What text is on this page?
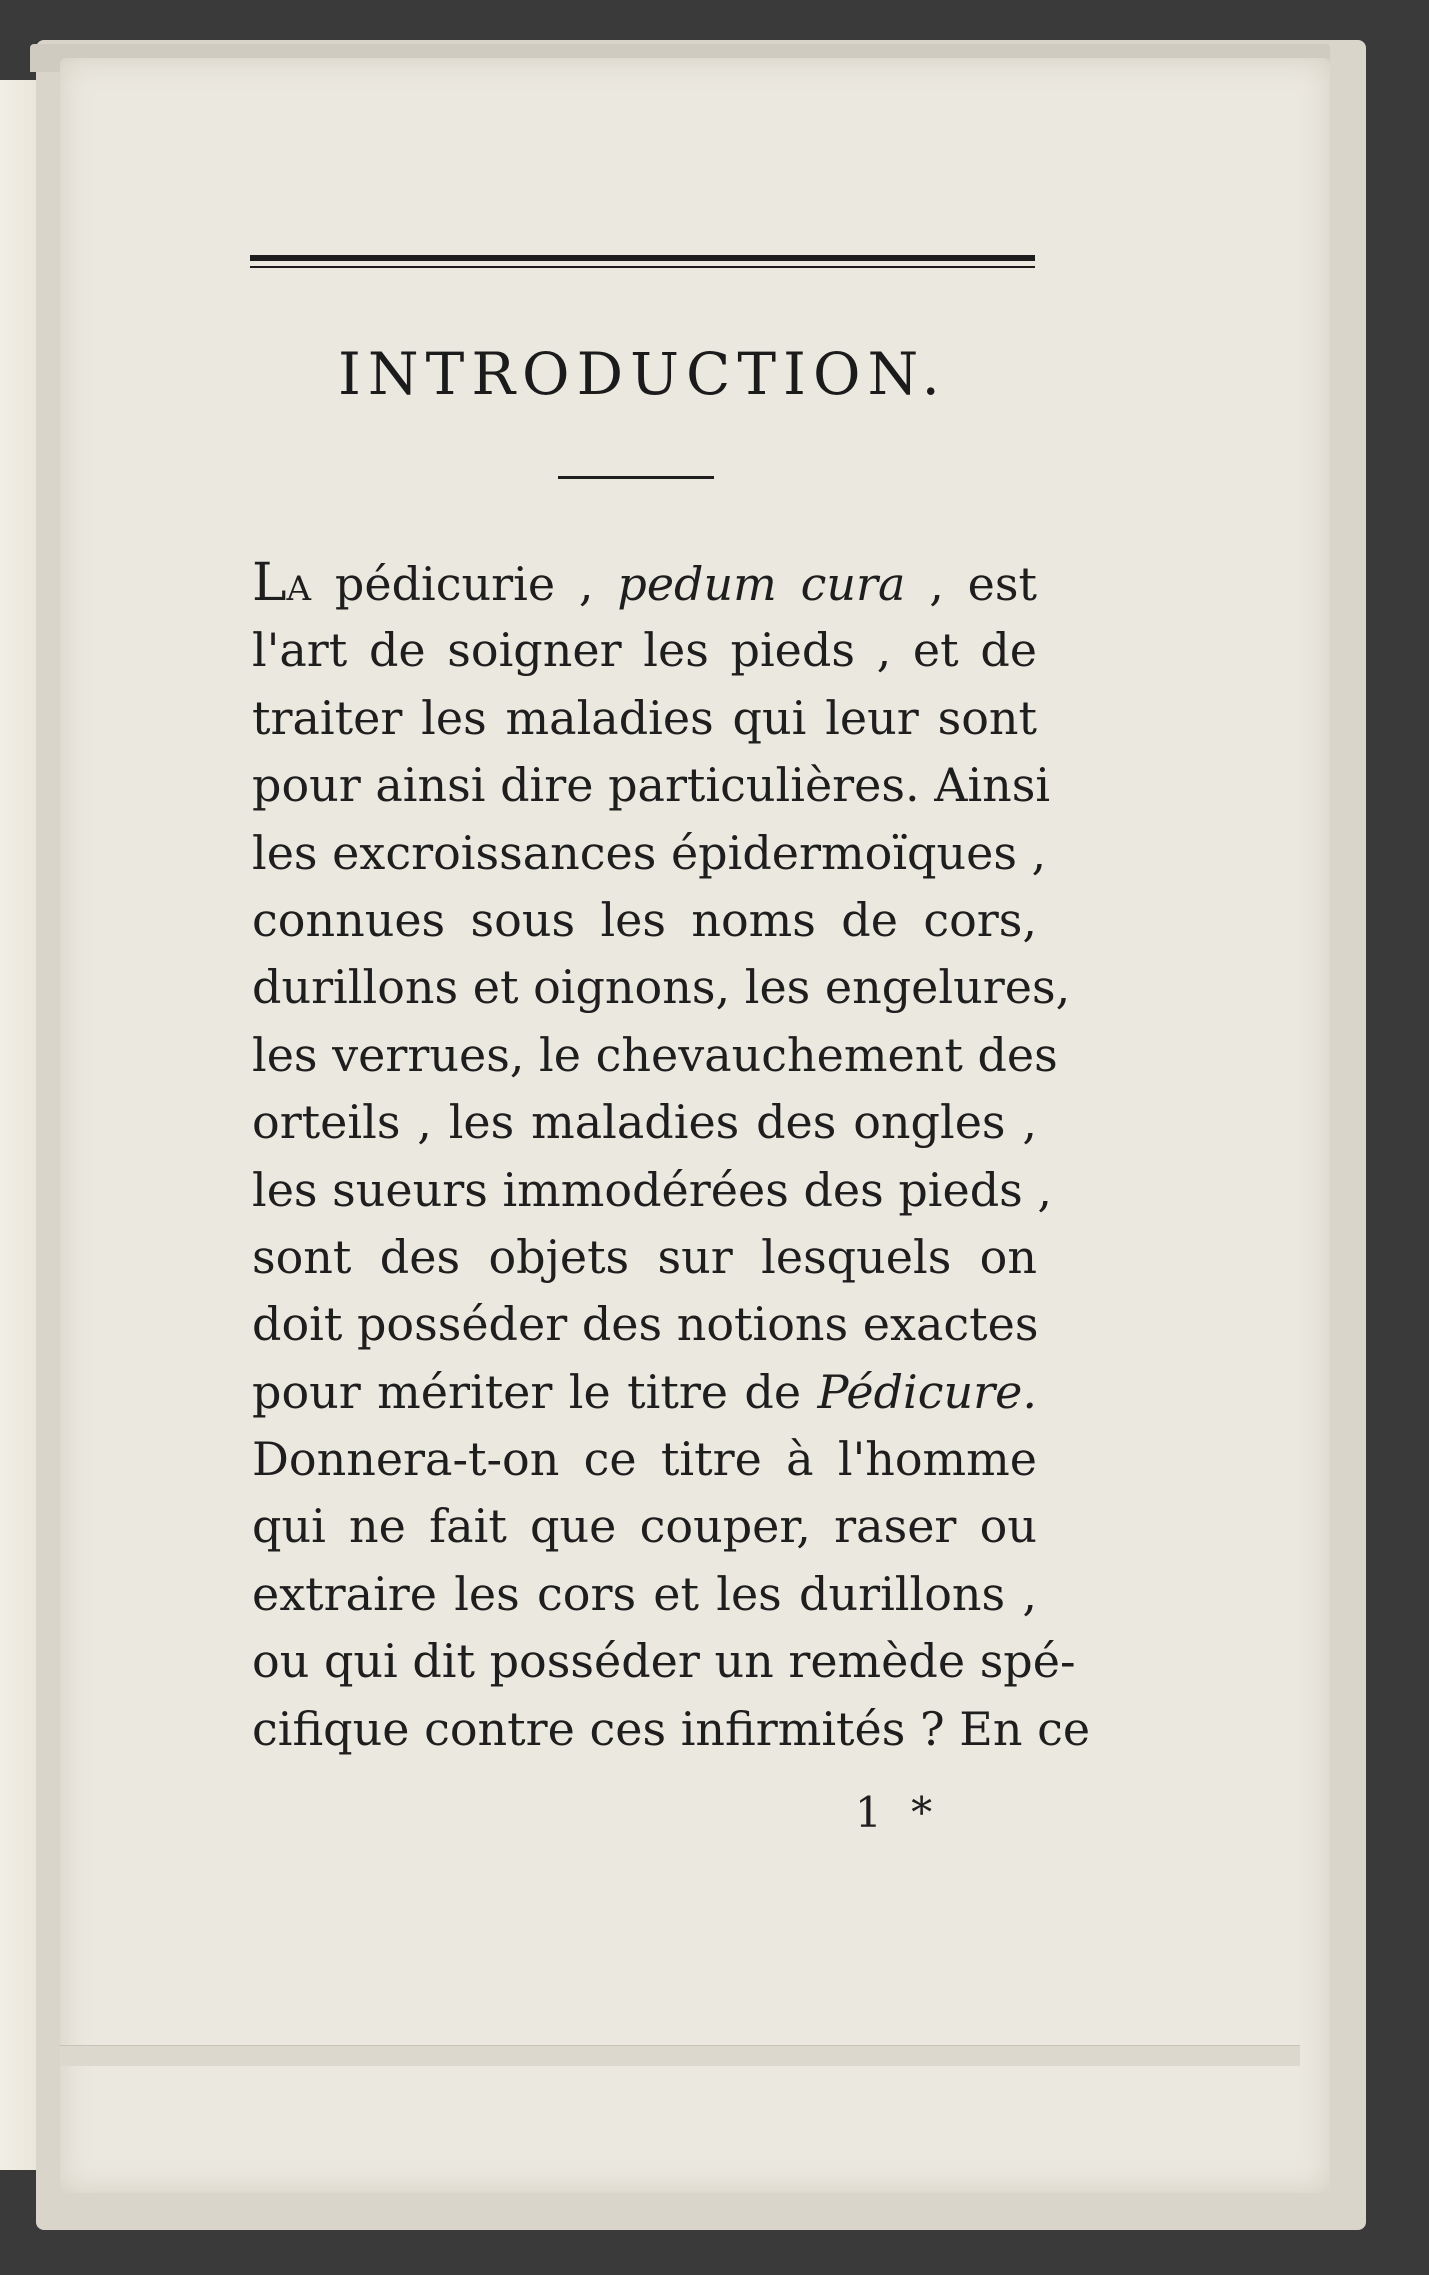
INTRODUCTION.
LA pédicurie , pedum cura , est
l'art de soigner les pieds , et de
traiter les maladies qui leur sont
pour ainsi dire particulières. Ainsi
les excroissances épidermoïques ,
connues sous les noms de cors,
durillons et oignons, les engelures,
les verrues, le chevauchement des
orteils , les maladies des ongles ,
les sueurs immodérées des pieds ,
sont des objets sur lesquels on
doit posséder des notions exactes
pour mériter le titre de Pédicure.
Donnera-t-on ce titre à l'homme
qui ne fait que couper, raser ou
extraire les cors et les durillons ,
ou qui dit posséder un remède spé-
cifique contre ces infirmités ? En ce
1 *
